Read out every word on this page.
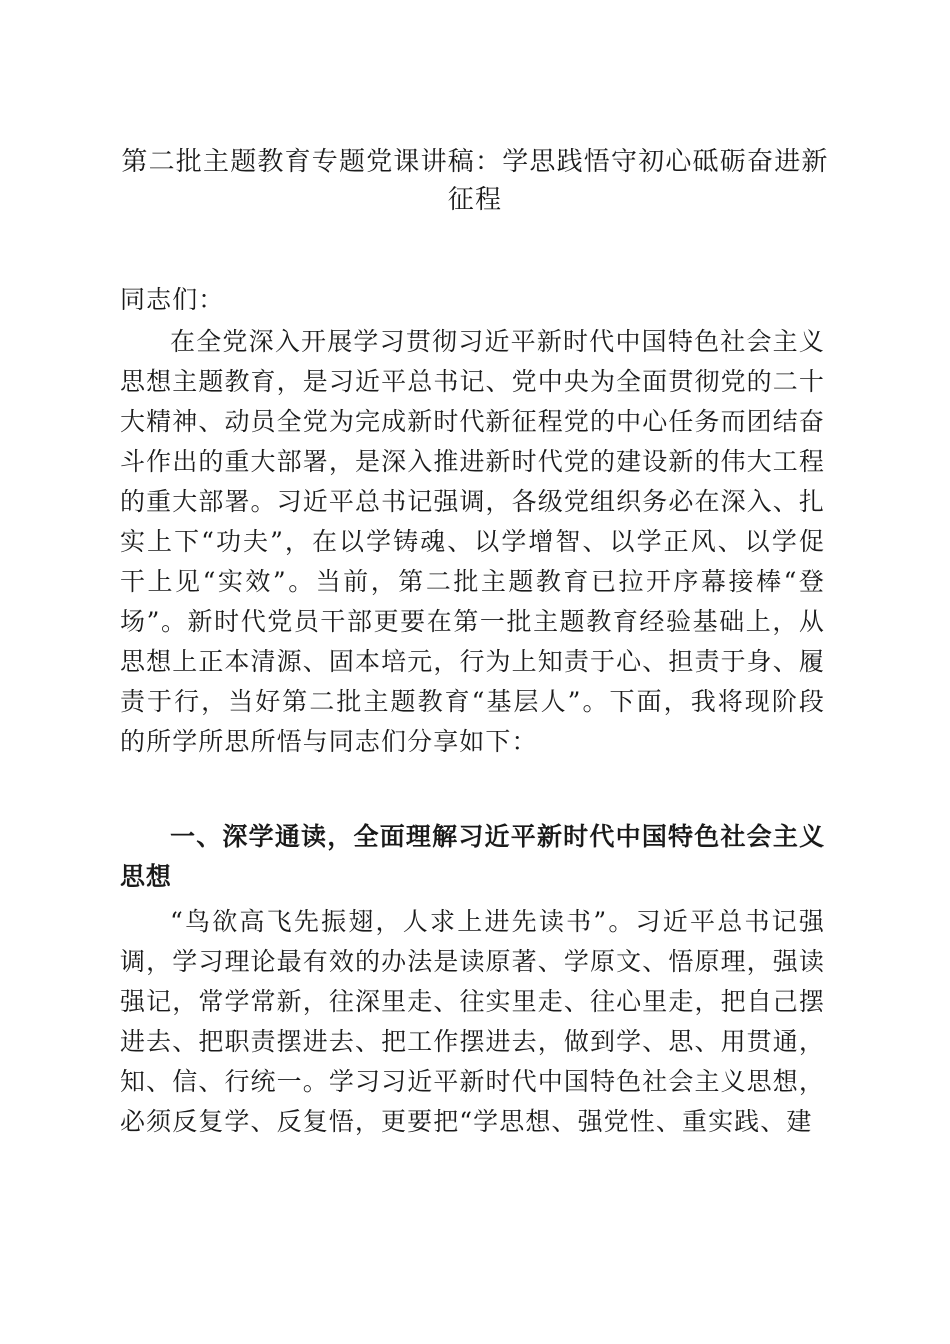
第二批主题教育专题党课讲稿：学思践悟守初心砥砺奋进新征程

同志们：

在全党深入开展学习贯彻习近平新时代中国特色社会主义思想主题教育，是习近平总书记、党中央为全面贯彻党的二十大精神、动员全党为完成新时代新征程党的中心任务而团结奋斗作出的重大部署，是深入推进新时代党的建设新的伟大工程的重大部署。习近平总书记强调，各级党组织务必在深入、扎实上下“功夫”，在以学铸魂、以学增智、以学正风、以学促干上见“实效”。当前，第二批主题教育已拉开序幕接棒“登场”。新时代党员干部更要在第一批主题教育经验基础上，从思想上正本清源、固本培元，行为上知责于心、担责于身、履责于行，当好第二批主题教育“基层人”。下面，我将现阶段的所学所思所悟与同志们分享如下：

一、深学通读，全面理解习近平新时代中国特色社会主义思想

“鸟欲高飞先振翅，人求上进先读书”。习近平总书记强调，学习理论最有效的办法是读原著、学原文、悟原理，强读强记，常学常新，往深里走、往实里走、往心里走，把自己摆进去、把职责摆进去、把工作摆进去，做到学、思、用贯通，知、信、行统一。学习习近平新时代中国特色社会主义思想，必须反复学、反复悟，更要把“学思想、强党性、重实践、建
